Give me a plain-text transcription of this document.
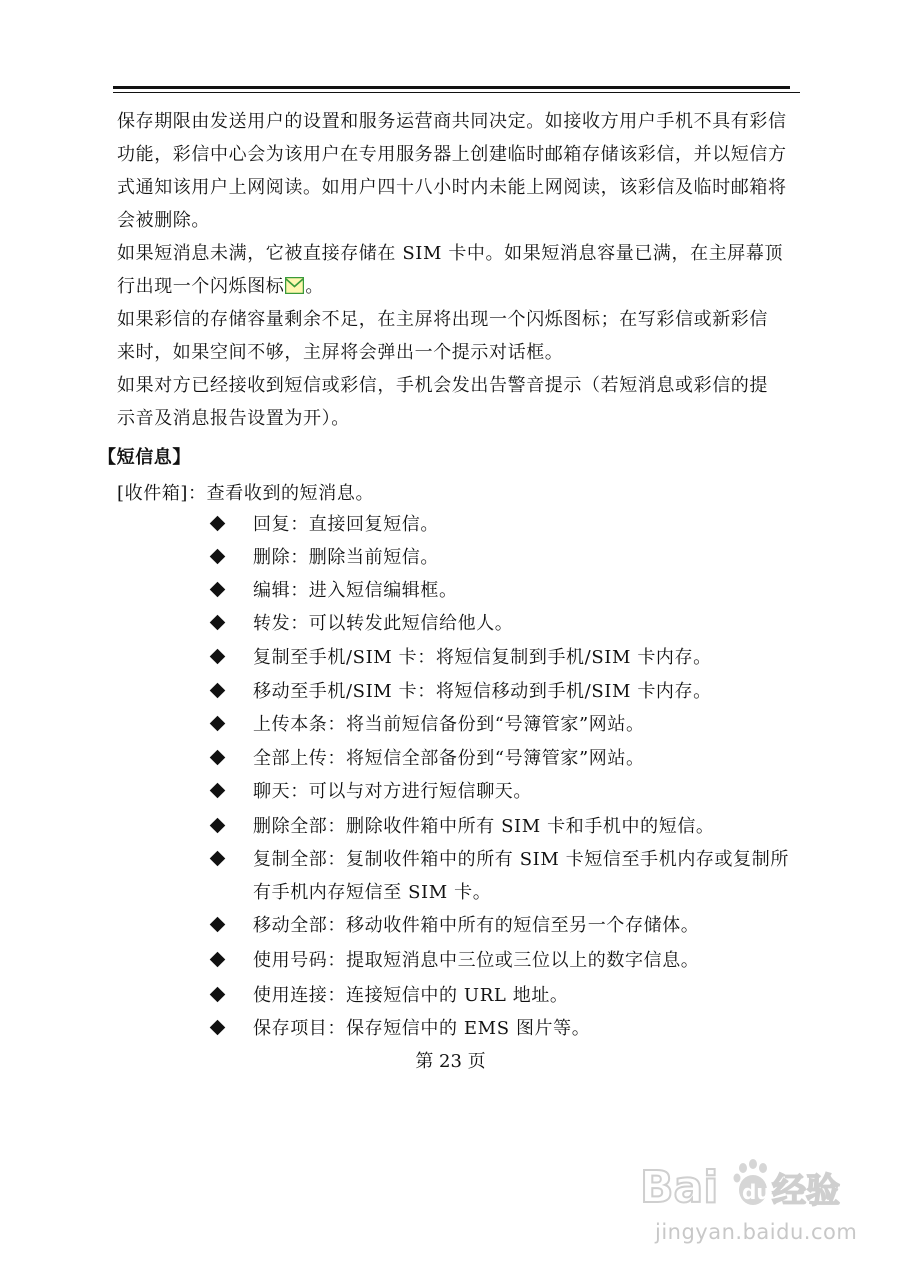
保存期限由发送用户的设置和服务运营商共同决定。如接收方用户手机不具有彩信
功能，彩信中心会为该用户在专用服务器上创建临时邮箱存储该彩信，并以短信方
式通知该用户上网阅读。如用户四十八小时内未能上网阅读，该彩信及临时邮箱将
会被删除。
如果短消息未满，它被直接存储在 SIM 卡中。如果短消息容量已满，在主屏幕顶
行出现一个闪烁图标 。
如果彩信的存储容量剩余不足，在主屏将出现一个闪烁图标；在写彩信或新彩信
来时，如果空间不够，主屏将会弹出一个提示对话框。
如果对方已经接收到短信或彩信，手机会发出告警音提示（若短消息或彩信的提
示音及消息报告设置为开）。
【短信息】
[收件箱]：查看收到的短消息。
回复：直接回复短信。
删除：删除当前短信。
编辑：进入短信编辑框。
转发：可以转发此短信给他人。
复制至手机/SIM 卡：将短信复制到手机/SIM 卡内存。
移动至手机/SIM 卡：将短信移动到手机/SIM 卡内存。
上传本条：将当前短信备份到“号簿管家”网站。
全部上传：将短信全部备份到“号簿管家”网站。
聊天：可以与对方进行短信聊天。
删除全部：删除收件箱中所有 SIM 卡和手机中的短信。
复制全部：复制收件箱中的所有 SIM 卡短信至手机内存或复制所
有手机内存短信至 SIM 卡。
移动全部：移动收件箱中所有的短信至另一个存储体。
使用号码：提取短消息中三位或三位以上的数字信息。
使用连接：连接短信中的 URL 地址。
保存项目：保存短信中的 EMS 图片等。
第 23 页
Bai du 经验
jingyan.baidu.com
